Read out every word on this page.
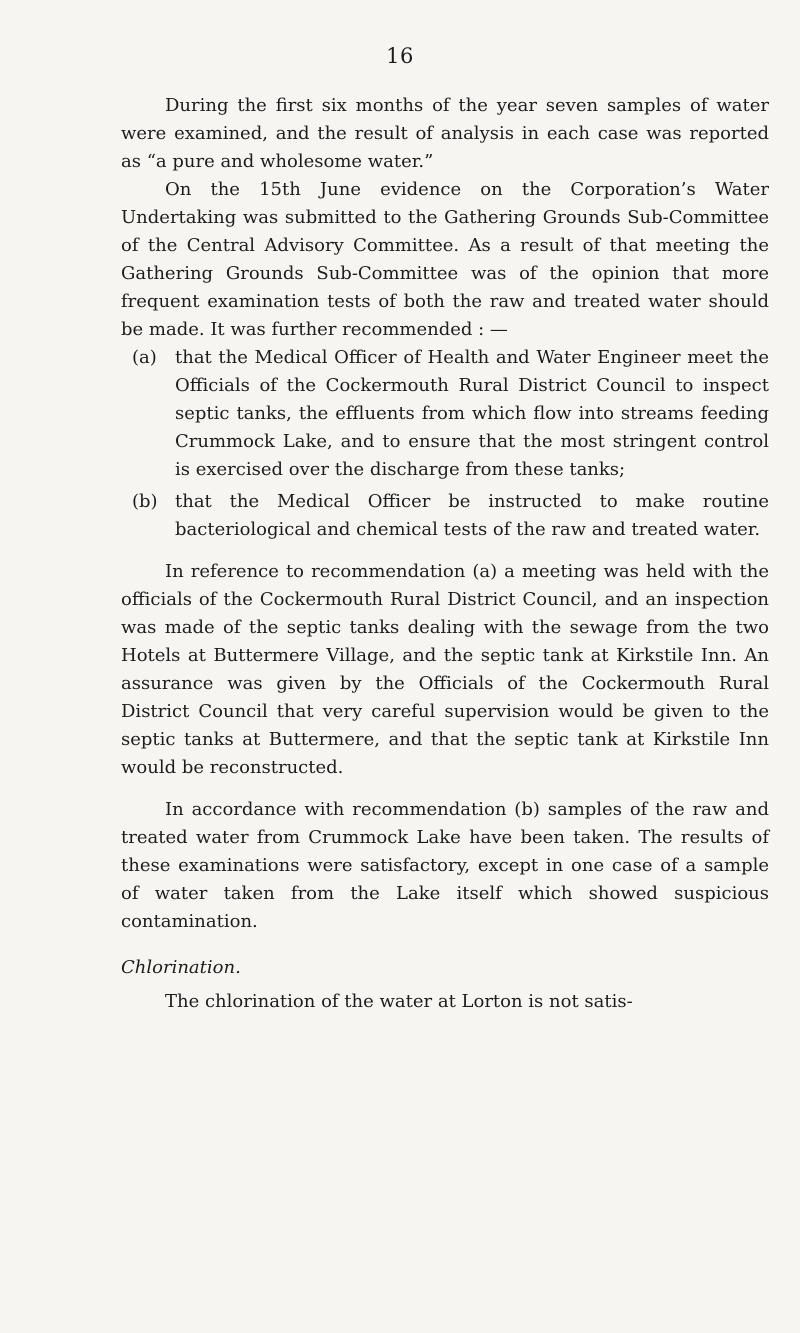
16

During the first six months of the year seven samples of water were examined, and the result of analysis in each case was reported as “a pure and wholesome water.”

On the 15th June evidence on the Corporation’s Water Undertaking was submitted to the Gathering Grounds Sub-Committee of the Central Advisory Committee. As a result of that meeting the Gathering Grounds Sub-Committee was of the opinion that more frequent examination tests of both the raw and treated water should be made. It was further recommended : —

(a) that the Medical Officer of Health and Water Engineer meet the Officials of the Cockermouth Rural District Council to inspect septic tanks, the effluents from which flow into streams feeding Crummock Lake, and to ensure that the most stringent control is exercised over the discharge from these tanks;
(b) that the Medical Officer be instructed to make routine bacteriological and chemical tests of the raw and treated water.

In reference to recommendation (a) a meeting was held with the officials of the Cockermouth Rural District Council, and an inspection was made of the septic tanks dealing with the sewage from the two Hotels at Buttermere Village, and the septic tank at Kirkstile Inn. An assurance was given by the Officials of the Cockermouth Rural District Council that very careful supervision would be given to the septic tanks at Buttermere, and that the septic tank at Kirkstile Inn would be reconstructed.

In accordance with recommendation (b) samples of the raw and treated water from Crummock Lake have been taken. The results of these examinations were satisfactory, except in one case of a sample of water taken from the Lake itself which showed suspicious contamination.

Chlorination.

The chlorination of the water at Lorton is not satis-
